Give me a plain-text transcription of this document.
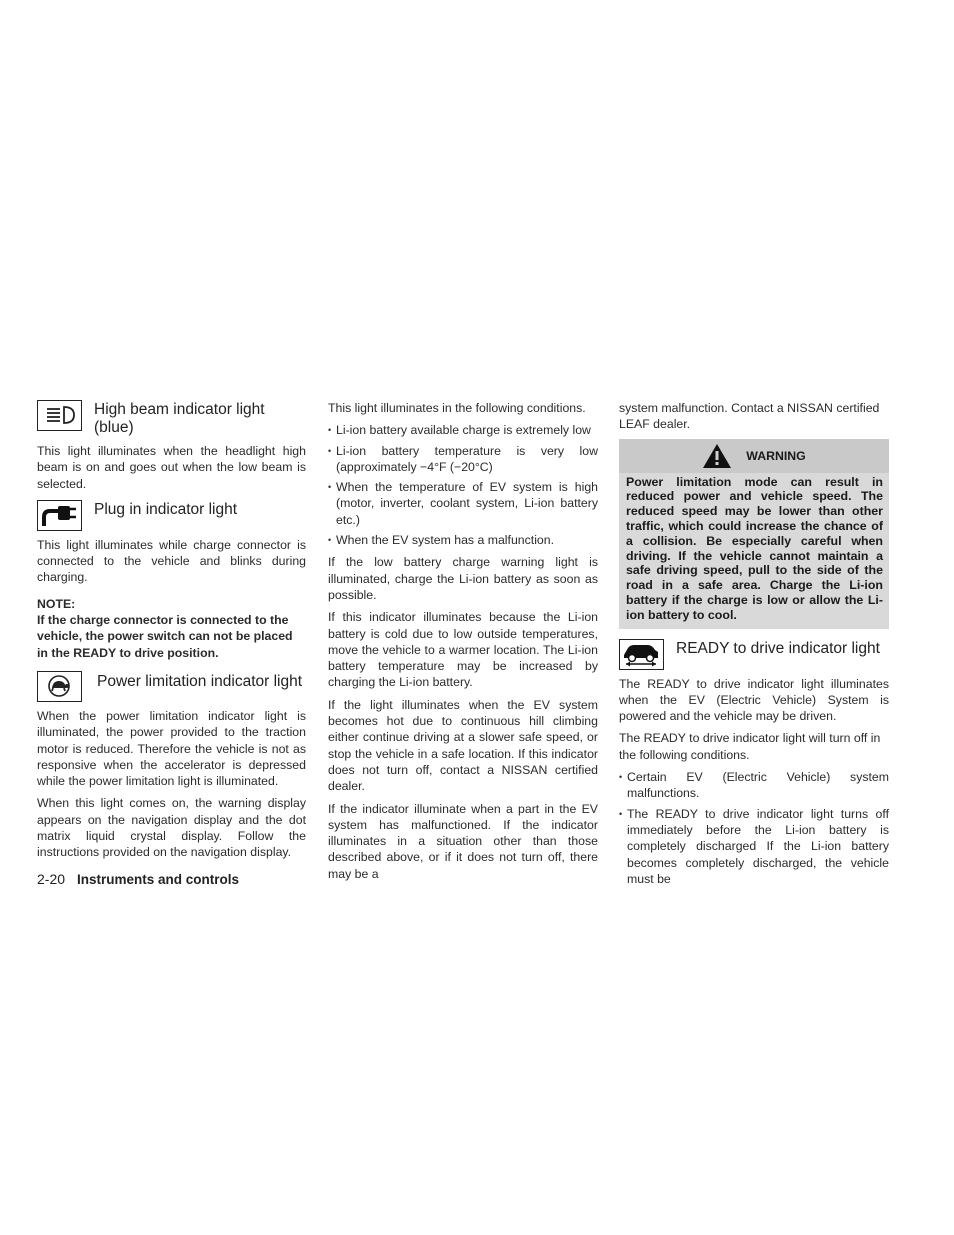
High beam indicator light (blue)

This light illuminates when the headlight high beam is on and goes out when the low beam is selected.

Plug in indicator light

This light illuminates while charge connector is connected to the vehicle and blinks during charging.

NOTE:
If the charge connector is connected to the vehicle, the power switch can not be placed in the READY to drive position.
Power limitation indicator light

When the power limitation indicator light is illuminated, the power provided to the traction motor is reduced. Therefore the vehicle is not as responsive when the accelerator is depressed while the power limitation light is illuminated.

When this light comes on, the warning display appears on the navigation display and the dot matrix liquid crystal display. Follow the instructions provided on the navigation display.

This light illuminates in the following conditions.

• Li-ion battery available charge is extremely low
• Li-ion battery temperature is very low (approximately −4°F (−20°C)
• When the temperature of EV system is high (motor, inverter, coolant system, Li-ion battery etc.)
• When the EV system has a malfunction.

If the low battery charge warning light is illuminated, charge the Li-ion battery as soon as possible.

If this indicator illuminates because the Li-ion battery is cold due to low outside temperatures, move the vehicle to a warmer location. The Li-ion battery temperature may be increased by charging the Li-ion battery.

If the light illuminates when the EV system becomes hot due to continuous hill climbing either continue driving at a slower safe speed, or stop the vehicle in a safe location. If this indicator does not turn off, contact a NISSAN certified dealer.

If the indicator illuminate when a part in the EV system has malfunctioned. If the indicator illuminates in a situation other than those described above, or if it does not turn off, there may be a

system malfunction. Contact a NISSAN certified LEAF dealer.

WARNING
Power limitation mode can result in reduced power and vehicle speed. The reduced speed may be lower than other traffic, which could increase the chance of a collision. Be especially careful when driving. If the vehicle cannot maintain a safe driving speed, pull to the side of the road in a safe area. Charge the Li-ion battery if the charge is low or allow the Li-ion battery to cool.
READY to drive indicator light

The READY to drive indicator light illuminates when the EV (Electric Vehicle) System is powered and the vehicle may be driven.

The READY to drive indicator light will turn off in the following conditions.

• Certain EV (Electric Vehicle) system malfunctions.
• The READY to drive indicator light turns off immediately before the Li-ion battery is completely discharged If the Li-ion battery becomes completely discharged, the vehicle must be
2-20 Instruments and controls
